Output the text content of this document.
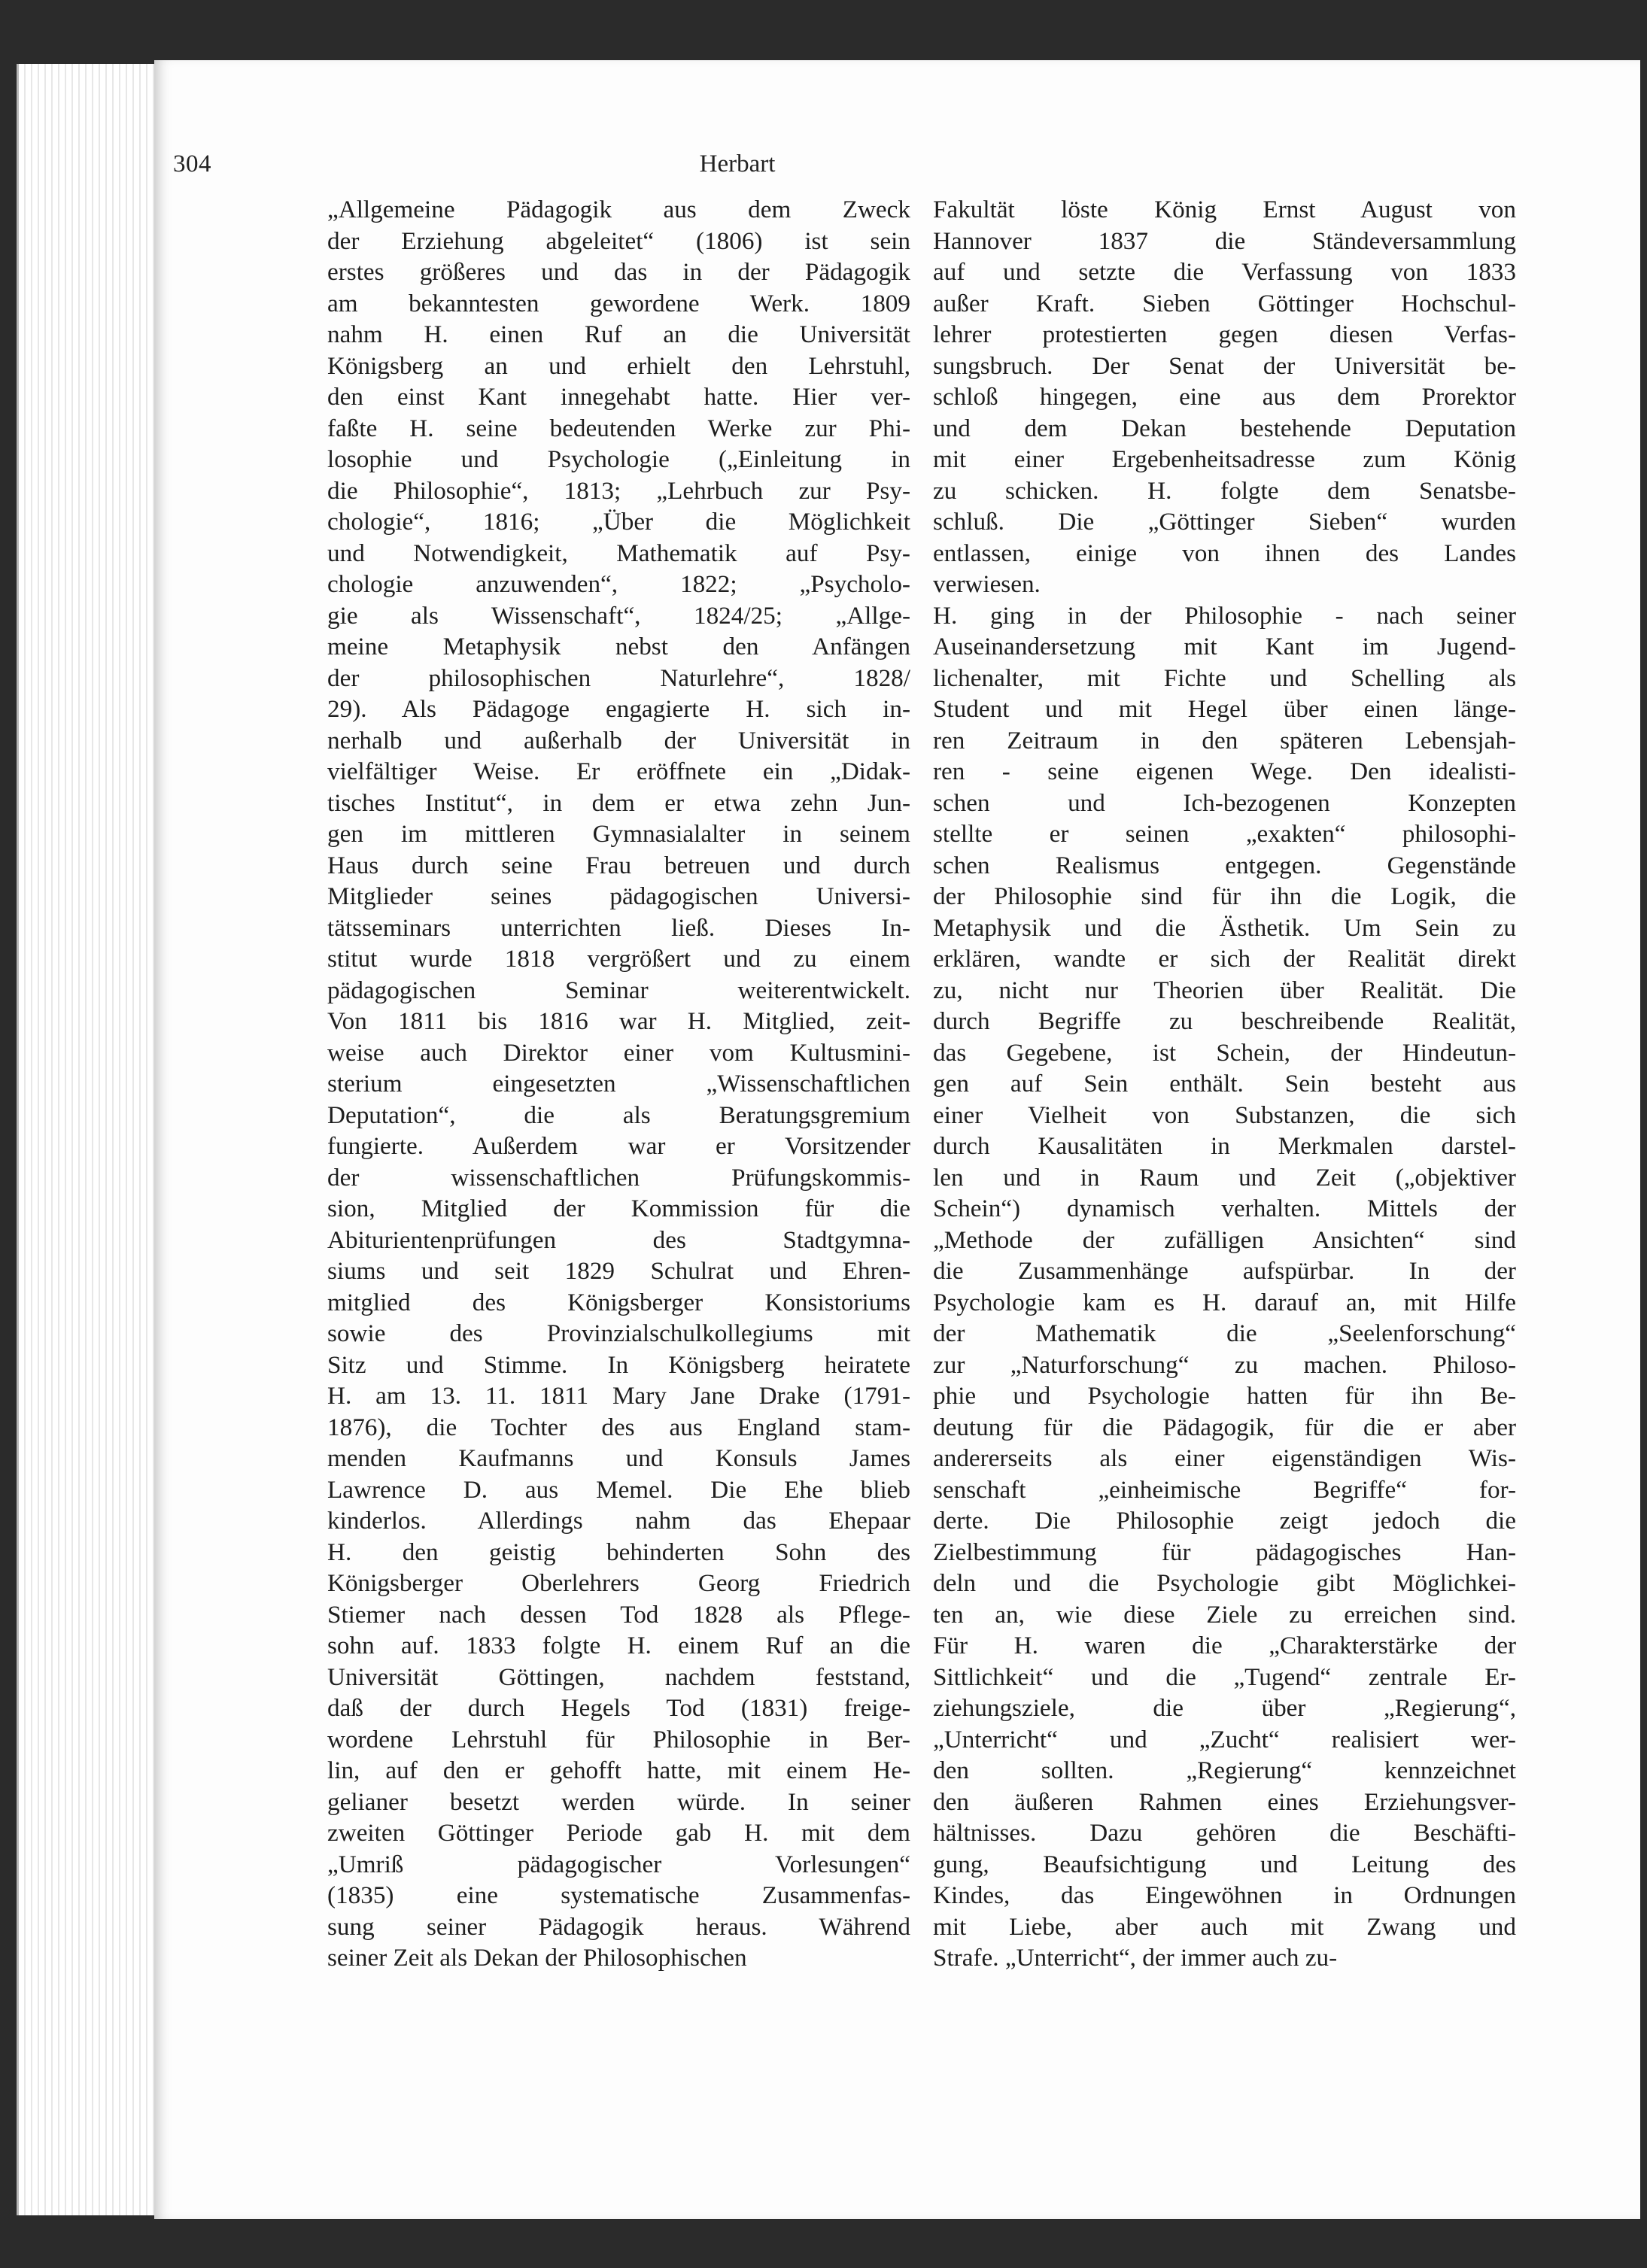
304	Herbart
„Allgemeine Pädagogik aus dem Zweck
der Erziehung abgeleitet“ (1806) ist sein
erstes größeres und das in der Pädagogik
am bekanntesten gewordene Werk. 1809
nahm H. einen Ruf an die Universität
Königsberg an und erhielt den Lehrstuhl,
den einst Kant innegehabt hatte. Hier ver-
faßte H. seine bedeutenden Werke zur Phi-
losophie und Psychologie („Einleitung in
die Philosophie“, 1813; „Lehrbuch zur Psy-
chologie“, 1816; „Über die Möglichkeit
und Notwendigkeit, Mathematik auf Psy-
chologie anzuwenden“, 1822; „Psycholo-
gie als Wissenschaft“, 1824/25; „Allge-
meine Metaphysik nebst den Anfängen
der philosophischen Naturlehre“, 1828/
29). Als Pädagoge engagierte H. sich in-
nerhalb und außerhalb der Universität in
vielfältiger Weise. Er eröffnete ein „Didak-
tisches Institut“, in dem er etwa zehn Jun-
gen im mittleren Gymnasialalter in seinem
Haus durch seine Frau betreuen und durch
Mitglieder seines pädagogischen Universi-
tätsseminars unterrichten ließ. Dieses In-
stitut wurde 1818 vergrößert und zu einem
pädagogischen Seminar weiterentwickelt.
Von 1811 bis 1816 war H. Mitglied, zeit-
weise auch Direktor einer vom Kultusmini-
sterium eingesetzten „Wissenschaftlichen
Deputation“, die als Beratungsgremium
fungierte. Außerdem war er Vorsitzender
der wissenschaftlichen Prüfungskommis-
sion, Mitglied der Kommission für die
Abiturientenprüfungen des Stadtgymna-
siums und seit 1829 Schulrat und Ehren-
mitglied des Königsberger Konsistoriums
sowie des Provinzialschulkollegiums mit
Sitz und Stimme. In Königsberg heiratete
H. am 13. 11. 1811 Mary Jane Drake (1791-
1876), die Tochter des aus England stam-
menden Kaufmanns und Konsuls James
Lawrence D. aus Memel. Die Ehe blieb
kinderlos. Allerdings nahm das Ehepaar
H. den geistig behinderten Sohn des
Königsberger Oberlehrers Georg Friedrich
Stiemer nach dessen Tod 1828 als Pflege-
sohn auf. 1833 folgte H. einem Ruf an die
Universität Göttingen, nachdem feststand,
daß der durch Hegels Tod (1831) freige-
wordene Lehrstuhl für Philosophie in Ber-
lin, auf den er gehofft hatte, mit einem He-
gelianer besetzt werden würde. In seiner
zweiten Göttinger Periode gab H. mit dem
„Umriß pädagogischer Vorlesungen“
(1835) eine systematische Zusammenfas-
sung seiner Pädagogik heraus. Während
seiner Zeit als Dekan der Philosophischen
Fakultät löste König Ernst August von
Hannover 1837 die Ständeversammlung
auf und setzte die Verfassung von 1833
außer Kraft. Sieben Göttinger Hochschul-
lehrer protestierten gegen diesen Verfas-
sungsbruch. Der Senat der Universität be-
schloß hingegen, eine aus dem Prorektor
und dem Dekan bestehende Deputation
mit einer Ergebenheitsadresse zum König
zu schicken. H. folgte dem Senatsbe-
schluß. Die „Göttinger Sieben“ wurden
entlassen, einige von ihnen des Landes
verwiesen.
H. ging in der Philosophie - nach seiner
Auseinandersetzung mit Kant im Jugend-
lichenalter, mit Fichte und Schelling als
Student und mit Hegel über einen länge-
ren Zeitraum in den späteren Lebensjah-
ren - seine eigenen Wege. Den idealisti-
schen und Ich-bezogenen Konzepten
stellte er seinen „exakten“ philosophi-
schen Realismus entgegen. Gegenstände
der Philosophie sind für ihn die Logik, die
Metaphysik und die Ästhetik. Um Sein zu
erklären, wandte er sich der Realität direkt
zu, nicht nur Theorien über Realität. Die
durch Begriffe zu beschreibende Realität,
das Gegebene, ist Schein, der Hindeutun-
gen auf Sein enthält. Sein besteht aus
einer Vielheit von Substanzen, die sich
durch Kausalitäten in Merkmalen darstel-
len und in Raum und Zeit („objektiver
Schein“) dynamisch verhalten. Mittels der
„Methode der zufälligen Ansichten“ sind
die Zusammenhänge aufspürbar. In der
Psychologie kam es H. darauf an, mit Hilfe
der Mathematik die „Seelenforschung“
zur „Naturforschung“ zu machen. Philoso-
phie und Psychologie hatten für ihn Be-
deutung für die Pädagogik, für die er aber
andererseits als einer eigenständigen Wis-
senschaft „einheimische Begriffe“ for-
derte. Die Philosophie zeigt jedoch die
Zielbestimmung für pädagogisches Han-
deln und die Psychologie gibt Möglichkei-
ten an, wie diese Ziele zu erreichen sind.
Für H. waren die „Charakterstärke der
Sittlichkeit“ und die „Tugend“ zentrale Er-
ziehungsziele, die über „Regierung“,
„Unterricht“ und „Zucht“ realisiert wer-
den sollten. „Regierung“ kennzeichnet
den äußeren Rahmen eines Erziehungsver-
hältnisses. Dazu gehören die Beschäfti-
gung, Beaufsichtigung und Leitung des
Kindes, das Eingewöhnen in Ordnungen
mit Liebe, aber auch mit Zwang und
Strafe. „Unterricht“, der immer auch zu-
